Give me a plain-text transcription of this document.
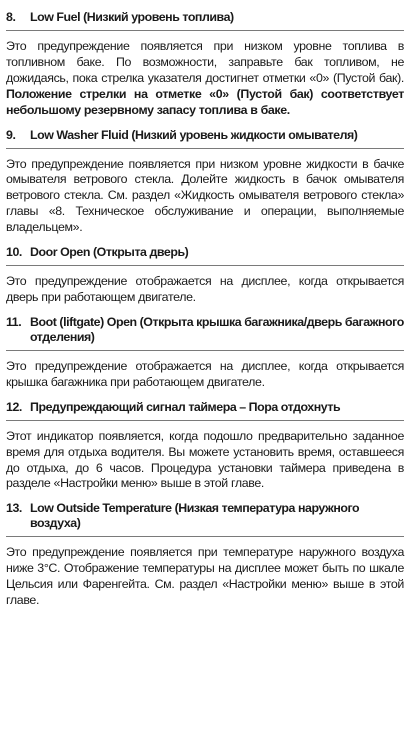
8.	Low Fuel (Низкий уровень топлива)

Это предупреждение появляется при низком уровне топлива в топливном баке. По возможности, заправьте бак топливом, не дожидаясь, пока стрелка указателя достигнет отметки «0» (Пустой бак). Положение стрелки на отметке «0» (Пустой бак) соответствует небольшому резервному запасу топлива в баке.

9.	Low Washer Fluid (Низкий уровень жидкости омывателя)

Это предупреждение появляется при низком уровне жидкости в бачке омывателя ветрового стекла. Долейте жидкость в бачок омывателя ветрового стекла. См. раздел «Жидкость омывателя ветрового стекла» главы «8. Техническое обслуживание и операции, выполняемые владельцем».

10. Door Open (Открыта дверь)

Это предупреждение отображается на дисплее, когда открывается дверь при работающем двигателе.

11. Boot (liftgate) Open (Открыта крышка багажника/дверь багажного отделения)

Это предупреждение отображается на дисплее, когда открывается крышка багажника при работающем двигателе.

12. Предупреждающий сигнал таймера – Пора отдохнуть

Этот индикатор появляется, когда подошло предварительно заданное время для отдыха водителя. Вы можете установить время, оставшееся до отдыха, до 6 часов. Процедура установки таймера приведена в разделе «Настройки меню» выше в этой главе.

13. Low Outside Temperature (Низкая температура наружного воздуха)

Это предупреждение появляется при температуре наружного воздуха ниже 3°C. Отображение температуры на дисплее может быть по шкале Цельсия или Фаренгейта. См. раздел «Настройки меню» выше в этой главе.
